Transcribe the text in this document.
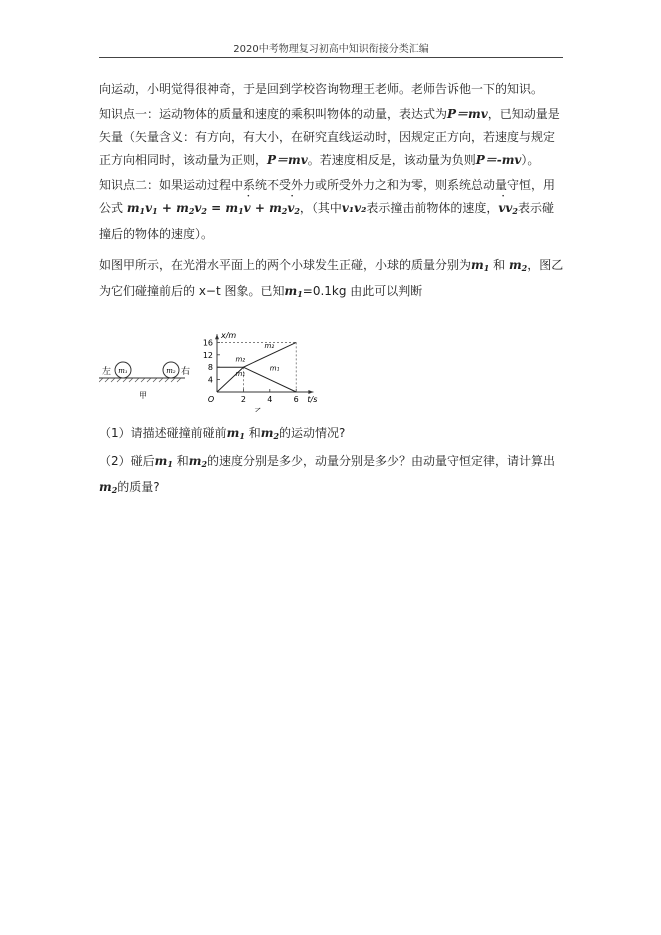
2020中考物理复习初高中知识衔接分类汇编

向运动，小明觉得很神奇，于是回到学校咨询物理王老师。老师告诉他一下的知识。

知识点一：运动物体的质量和速度的乘积叫物体的动量，表达式为P＝mv，已知动量是矢量（矢量含义：有方向，有大小，在研究直线运动时，因规定正方向，若速度与规定正方向相同时，该动量为正则，P＝mv。若速度相反是，该动量为负则P＝-mv）。

知识点二：如果运动过程中系统不受外力或所受外力之和为零，则系统总动量守恒，用公式 $m_1v_1 + m_2v_2 = m_1v$ ˙ + $m_2v$ $˙_2$，（其中v₁v₂表示撞击前物体的速度，v $˙v_2$表示碰撞后的物体的速度）。

如图甲所示，在光滑水平面上的两个小球发生正碰，小球的质量分别为$m_1$ 和 $m_2$，图乙为它们碰撞前后的 x−t 图象。已知$m_1=0.1kg$ 由此可以判断

m₁	m₂
左	右
甲
4
8
12
16
2	4	6
O
x/m
t/s
m₁
m₂
m₂
m₁
乙

（1）请描述碰撞前碰前$m_1$ 和$m_2$的运动情况?

（2）碰后$m_1$ 和$m_2$的速度分别是多少，动量分别是多少？由动量守恒定律，请计算出$m_2$的质量?
